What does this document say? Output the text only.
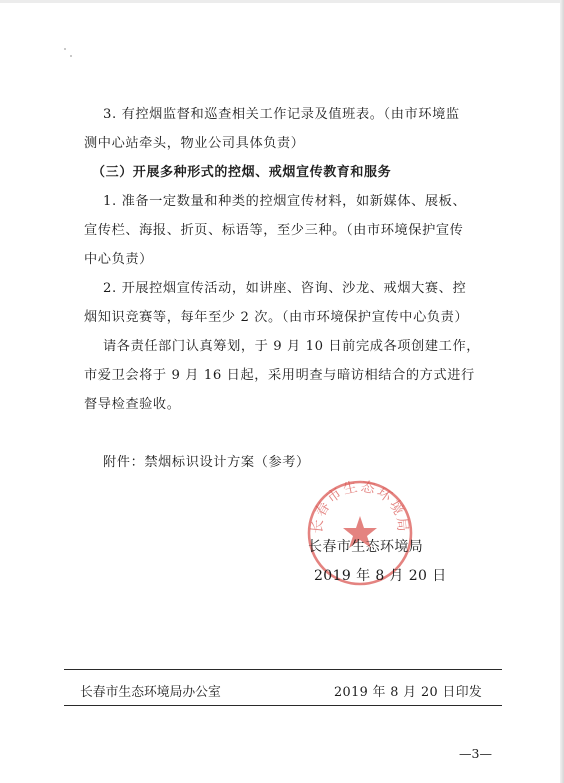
3. 有控烟监督和巡查相关工作记录及值班表。（由市环境监
测中心站牵头，物业公司具体负责）
（三）开展多种形式的控烟、戒烟宣传教育和服务
1. 准备一定数量和种类的控烟宣传材料，如新媒体、展板、
宣传栏、海报、折页、标语等，至少三种。（由市环境保护宣传
中心负责）
2. 开展控烟宣传活动，如讲座、咨询、沙龙、戒烟大赛、控
烟知识竞赛等，每年至少 2 次。（由市环境保护宣传中心负责）
请各责任部门认真筹划，于 9 月 10 日前完成各项创建工作，
市爱卫会将于 9 月 16 日起，采用明查与暗访相结合的方式进行
督导检查验收。
附件：禁烟标识设计方案（参考）
长春市生态环境局
长春市生态环境局
2019 年 8 月 20 日
长春市生态环境局办公室	2019 年 8 月 20 日印发
—3—
